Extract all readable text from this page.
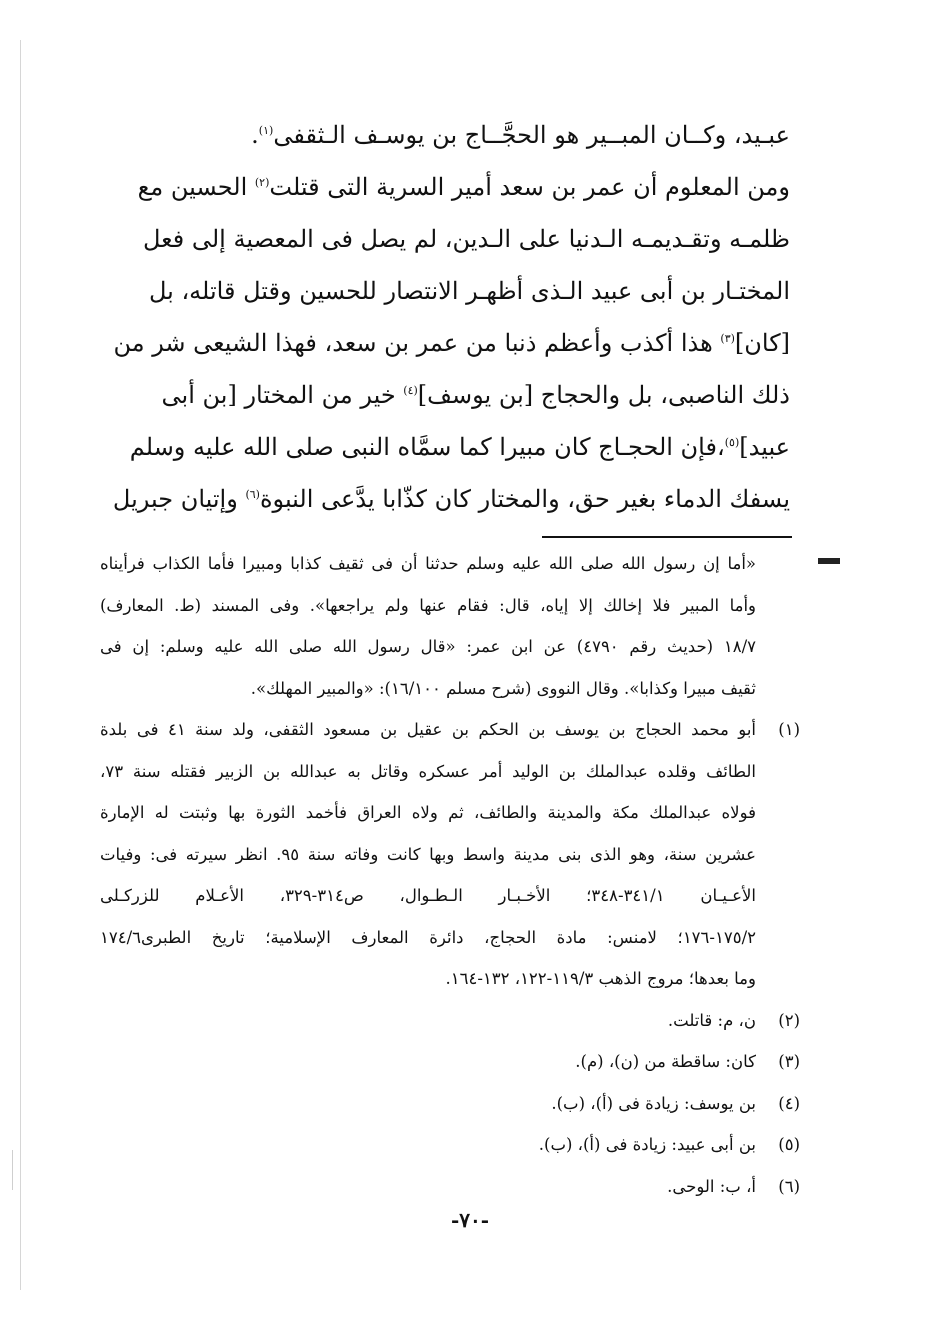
عبـيد، وكــان المبــير هو الحجَّــاج بن يوسـف الـثقفى$^{(١)}$.
ومن المعلوم أن عمر بن سعد أمير السرية التى قتلت$^{(٢)}$ الحسين مع
ظلمـه وتقـديمـه الـدنيا على الـدين، لم يصل فى المعصية إلى فعل
المختـار بن أبى عبيد الـذى أظهـر الانتصار للحسين وقتل قاتله، بل
[كان]$^{(٣)}$ هذا أكذب وأعظم ذنبا من عمر بن سعد، فهذا الشيعى شر من
ذلك الناصبى، بل والحجاج [بن يوسف]$^{(٤)}$ خير من المختار [بن أبى
عبيد]$^{(٥)}$،فإن الحجـاج كان مبيرا كما سمَّاه النبى صلى الله عليه وسلم
يسفك الدماء بغير حق، والمختار كان كذّابا يدَّعى النبوة$^{(٦)}$ وإتيان جبريل
«أما إن رسول الله صلى الله عليه وسلم حدثنا أن فى ثقيف كذابا ومبيرا فأما الكذاب فرأيناه
وأما المبير فلا إخالك إلا إياه، قال: فقام عنها ولم يراجعها». وفى المسند (ط. المعارف)
١٨/٧ (حديث رقم ٤٧٩٠) عن ابن عمر: «قال رسول الله صلى الله عليه وسلم: إن فى
ثقيف مبيرا وكذابا». وقال النووى (شرح مسلم ١٦/١٠٠): «والمبير المهلك».
(١)
أبو محمد الحجاج بن يوسف بن الحكم بن عقيل بن مسعود الثقفى، ولد سنة ٤١ فى بلدة
الطائف وقلده عبدالملك بن الوليد أمر عسكره وقاتل به عبدالله بن الزبير فقتله سنة ٧٣،
فولاه عبدالملك مكة والمدينة والطائف، ثم ولاه العراق فأخمد الثورة بها وثبتت له الإمارة
عشرين سنة، وهو الذى بنى مدينة واسط وبها كانت وفاته سنة ٩٥. انظر سيرته فى: وفيات
الأعـيـان ٣٤١/١-٣٤٨؛ الأخـبـار الـطـوال، ص٣١٤-٣٢٩، الأعـلام للزركـلى
١٧٥/٢-١٧٦؛ لامنس: مادة الحجاج، دائرة المعارف الإسلامية؛ تاريخ الطبرى١٧٤/٦
وما بعدها؛ مروج الذهب ١١٩/٣-١٢٢، ١٣٢-١٦٤.
(٢)
ن، م: قاتلت.
(٣)
كان: ساقطة من (ن)، (م).
(٤)
بن يوسف: زيادة فى (أ)، (ب).
(٥)
بن أبى عبيد: زيادة فى (أ)، (ب).
(٦)
أ، ب: الوحى.
-٧٠-
